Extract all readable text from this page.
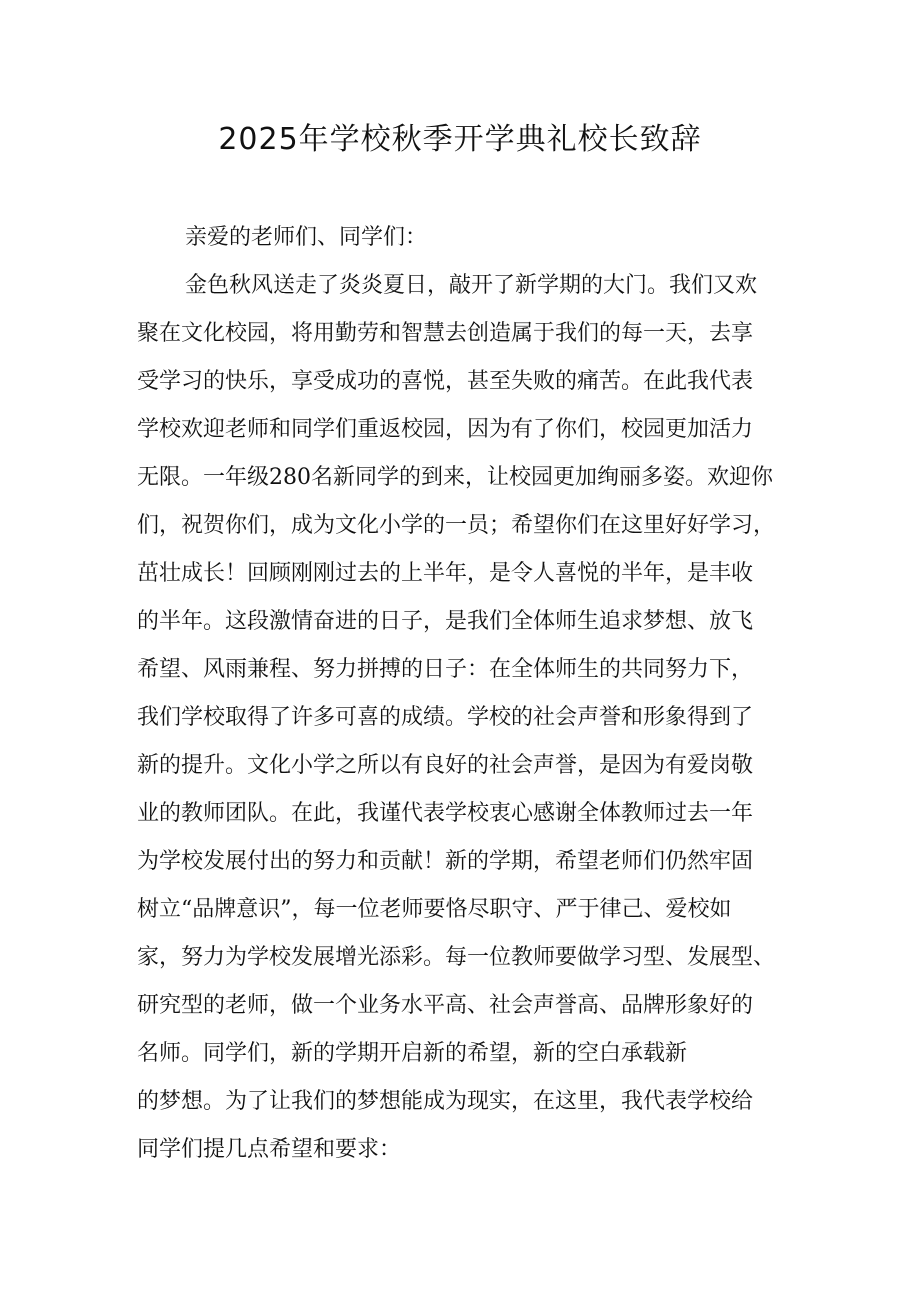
2025年学校秋季开学典礼校长致辞
亲爱的老师们、同学们：
金色秋风送走了炎炎夏日，敲开了新学期的大门。我们又欢
聚在文化校园，将用勤劳和智慧去创造属于我们的每一天，去享
受学习的快乐，享受成功的喜悦，甚至失败的痛苦。在此我代表
学校欢迎老师和同学们重返校园，因为有了你们，校园更加活力
无限。一年级280名新同学的到来，让校园更加绚丽多姿。欢迎你
们，祝贺你们，成为文化小学的一员；希望你们在这里好好学习，
茁壮成长！回顾刚刚过去的上半年，是令人喜悦的半年，是丰收
的半年。这段激情奋进的日子，是我们全体师生追求梦想、放飞
希望、风雨兼程、努力拼搏的日子：在全体师生的共同努力下，
我们学校取得了许多可喜的成绩。学校的社会声誉和形象得到了
新的提升。文化小学之所以有良好的社会声誉，是因为有爱岗敬
业的教师团队。在此，我谨代表学校衷心感谢全体教师过去一年
为学校发展付出的努力和贡献！新的学期，希望老师们仍然牢固
树立“品牌意识”，每一位老师要恪尽职守、严于律己、爱校如
家，努力为学校发展增光添彩。每一位教师要做学习型、发展型、
研究型的老师，做一个业务水平高、社会声誉高、品牌形象好的
名师。同学们，新的学期开启新的希望，新的空白承载新
的梦想。为了让我们的梦想能成为现实，在这里，我代表学校给
同学们提几点希望和要求：
